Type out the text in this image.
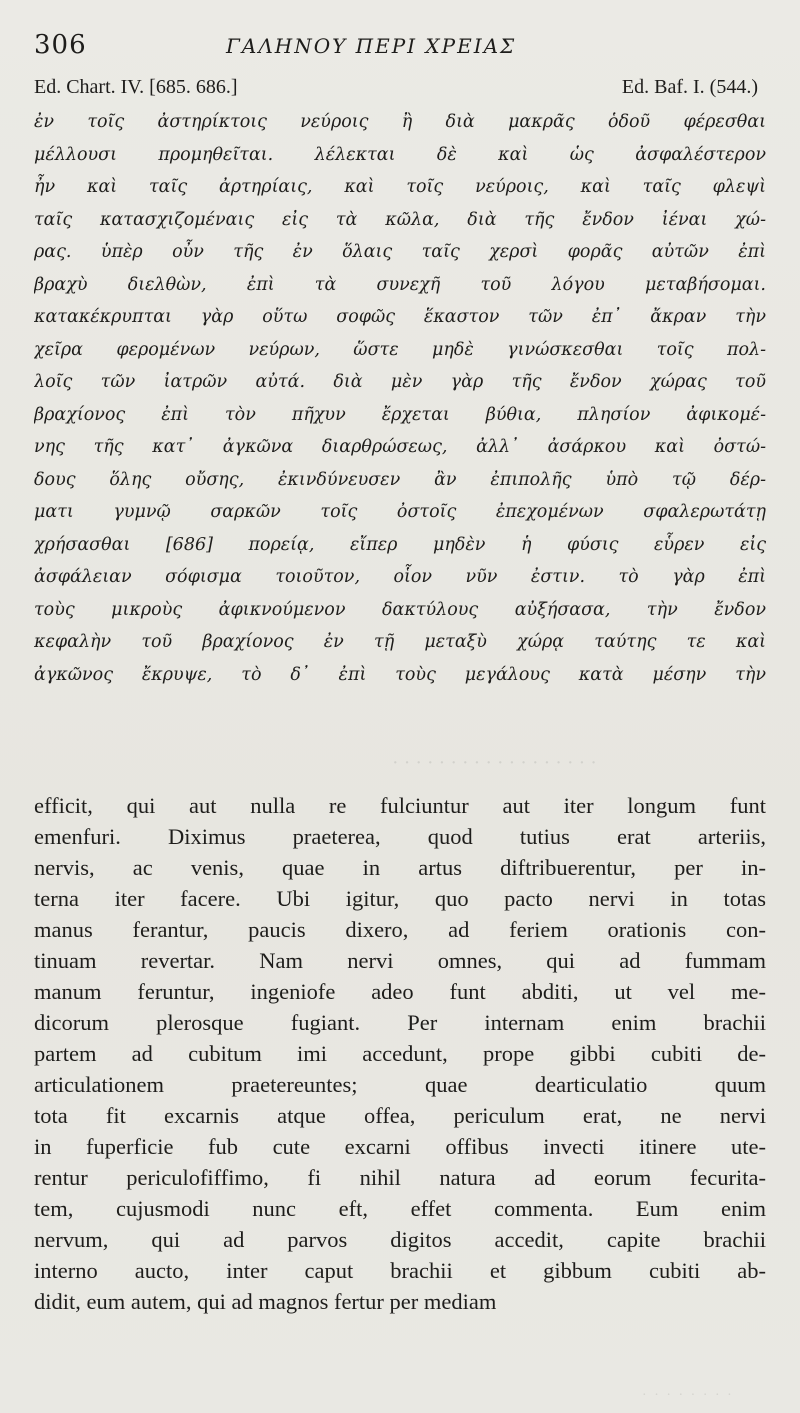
306	ΓΑΛΗΝΟΥ ΠΕΡΙ ΧΡΕΙΑΣ
Ed. Chart. IV. [685. 686.]	Ed. Baf. I. (544.)
ἐν τοῖς ἀστηρίκτοις νεύροις ἢ διὰ μακρᾶς ὁδοῦ φέρεσθαι
μέλλουσι προμηθεῖται. λέλεκται δὲ καὶ ὡς ἀσφαλέστερον
ἦν καὶ ταῖς ἀρτηρίαις, καὶ τοῖς νεύροις, καὶ ταῖς φλεψὶ
ταῖς κατασχιζομέναις εἰς τὰ κῶλα, διὰ τῆς ἔνδον ἰέναι χώ-
ρας. ὑπὲρ οὖν τῆς ἐν ὅλαις ταῖς χερσὶ φορᾶς αὐτῶν ἐπὶ
βραχὺ διελθὼν, ἐπὶ τὰ συνεχῆ τοῦ λόγου μεταβήσομαι.
κατακέκρυπται γὰρ οὕτω σοφῶς ἕκαστον τῶν ἐπ᾽ ἄκραν τὴν
χεῖρα φερομένων νεύρων, ὥστε μηδὲ γινώσκεσθαι τοῖς πολ-
λοῖς τῶν ἰατρῶν αὐτά. διὰ μὲν γὰρ τῆς ἔνδον χώρας τοῦ
βραχίονος ἐπὶ τὸν πῆχυν ἔρχεται βύθια, πλησίον ἀφικομέ-
νης τῆς κατ᾽ ἀγκῶνα διαρθρώσεως, ἀλλ᾽ ἀσάρκου καὶ ὀστώ-
δους ὅλης οὔσης, ἐκινδύνευσεν ἂν ἐπιπολῆς ὑπὸ τῷ δέρ-
ματι γυμνῷ σαρκῶν τοῖς ὀστοῖς ἐπεχομένων σφαλερωτάτῃ
χρήσασθαι [686] πορείᾳ, εἴπερ μηδὲν ἡ φύσις εὗρεν εἰς
ἀσφάλειαν σόφισμα τοιοῦτον, οἷον νῦν ἐστιν. τὸ γὰρ ἐπὶ
τοὺς μικροὺς ἀφικνούμενον δακτύλους αὐξήσασα, τὴν ἔνδον
κεφαλὴν τοῦ βραχίονος ἐν τῇ μεταξὺ χώρᾳ ταύτης τε καὶ
ἀγκῶνος ἔκρυψε, τὸ δ᾽ ἐπὶ τοὺς μεγάλους κατὰ μέσην τὴν
efficit, qui aut nulla re fulciuntur aut iter longum funt
emenfuri. Diximus praeterea, quod tutius erat arteriis,
nervis, ac venis, quae in artus diftribuerentur, per in-
terna iter facere. Ubi igitur, quo pacto nervi in totas
manus ferantur, paucis dixero, ad feriem orationis con-
tinuam revertar. Nam nervi omnes, qui ad fummam
manum feruntur, ingeniofe adeo funt abditi, ut vel me-
dicorum plerosque fugiant. Per internam enim brachii
partem ad cubitum imi accedunt, prope gibbi cubiti de-
articulationem praetereuntes; quae dearticulatio quum
tota fit excarnis atque offea, periculum erat, ne nervi
in fuperficie fub cute excarni offibus invecti itinere ute-
rentur periculofiffimo, fi nihil natura ad eorum fecurita-
tem, cujusmodi nunc eft, effet commenta. Eum enim
nervum, qui ad parvos digitos accedit, capite brachii
interno aucto, inter caput brachii et gibbum cubiti ab-
didit, eum autem, qui ad magnos fertur per mediam
· · · · · · · · · · · · · · · · · ·
· · · · · · · ·
